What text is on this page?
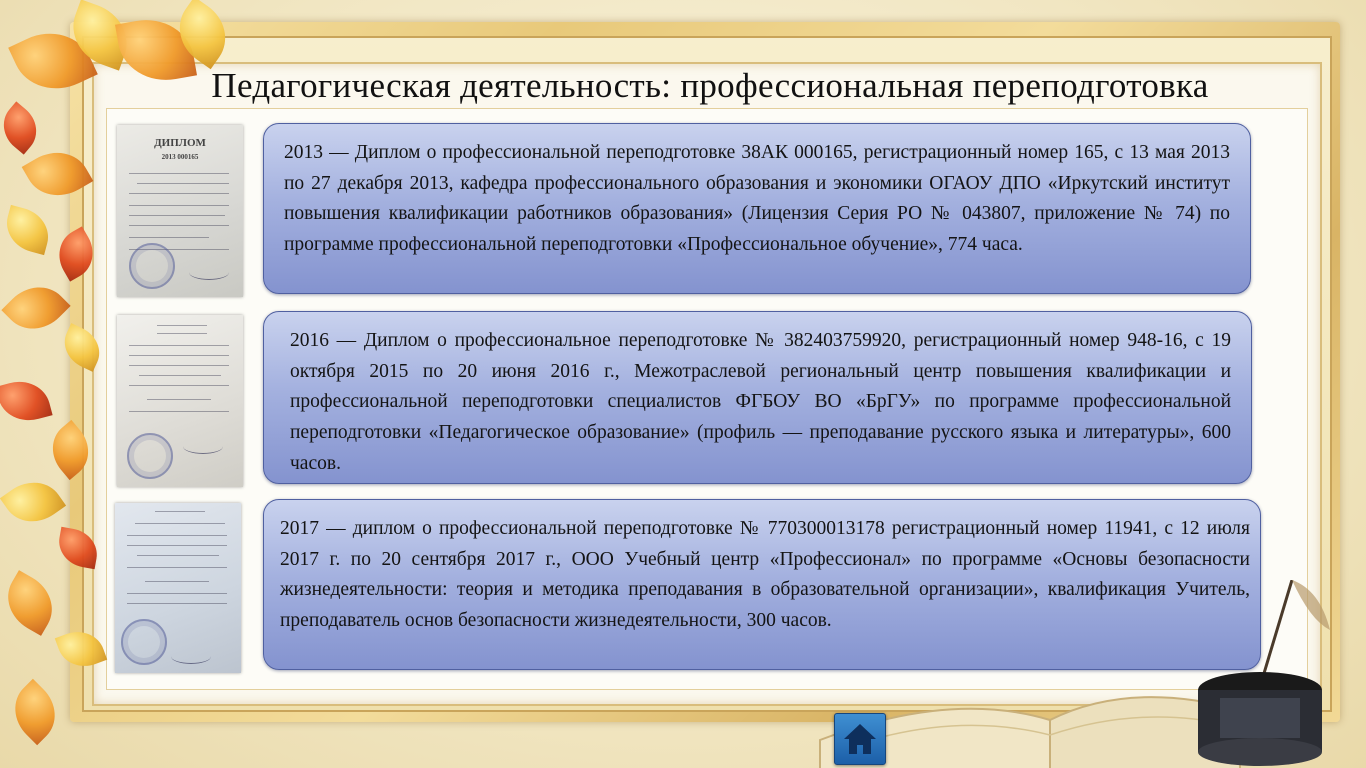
Педагогическая деятельность: профессиональная переподготовка
ДИПЛОМ
2013 000165	2013 — Диплом о профессиональной переподготовке 38АК 000165, регистрационный номер 165, с 13 мая 2013 по 27 декабря 2013, кафедра профессионального образования и экономики ОГАОУ ДПО «Иркутский институт повышения квалификации работников образования» (Лицензия Серия РО № 043807, приложение № 74) по программе профессиональной переподготовки «Профессиональное обучение», 774 часа.
2016 — Диплом о профессиональное переподготовке № 382403759920, регистрационный номер 948-16, с 19 октября 2015 по 20 июня 2016 г., Межотраслевой региональный центр повышения квалификации и профессиональной переподготовки специалистов ФГБОУ ВО «БрГУ» по программе профессиональной переподготовки «Педагогическое образование» (профиль — преподавание русского языка и литературы», 600 часов.
2017 — диплом о профессиональной переподготовке № 770300013178 регистрационный номер 11941, с 12 июля 2017 г. по 20 сентября 2017 г., ООО Учебный центр «Профессионал» по программе «Основы безопасности жизнедеятельности: теория и методика преподавания в образовательной организации», квалификация Учитель, преподаватель основ безопасности жизнедеятельности, 300 часов.
